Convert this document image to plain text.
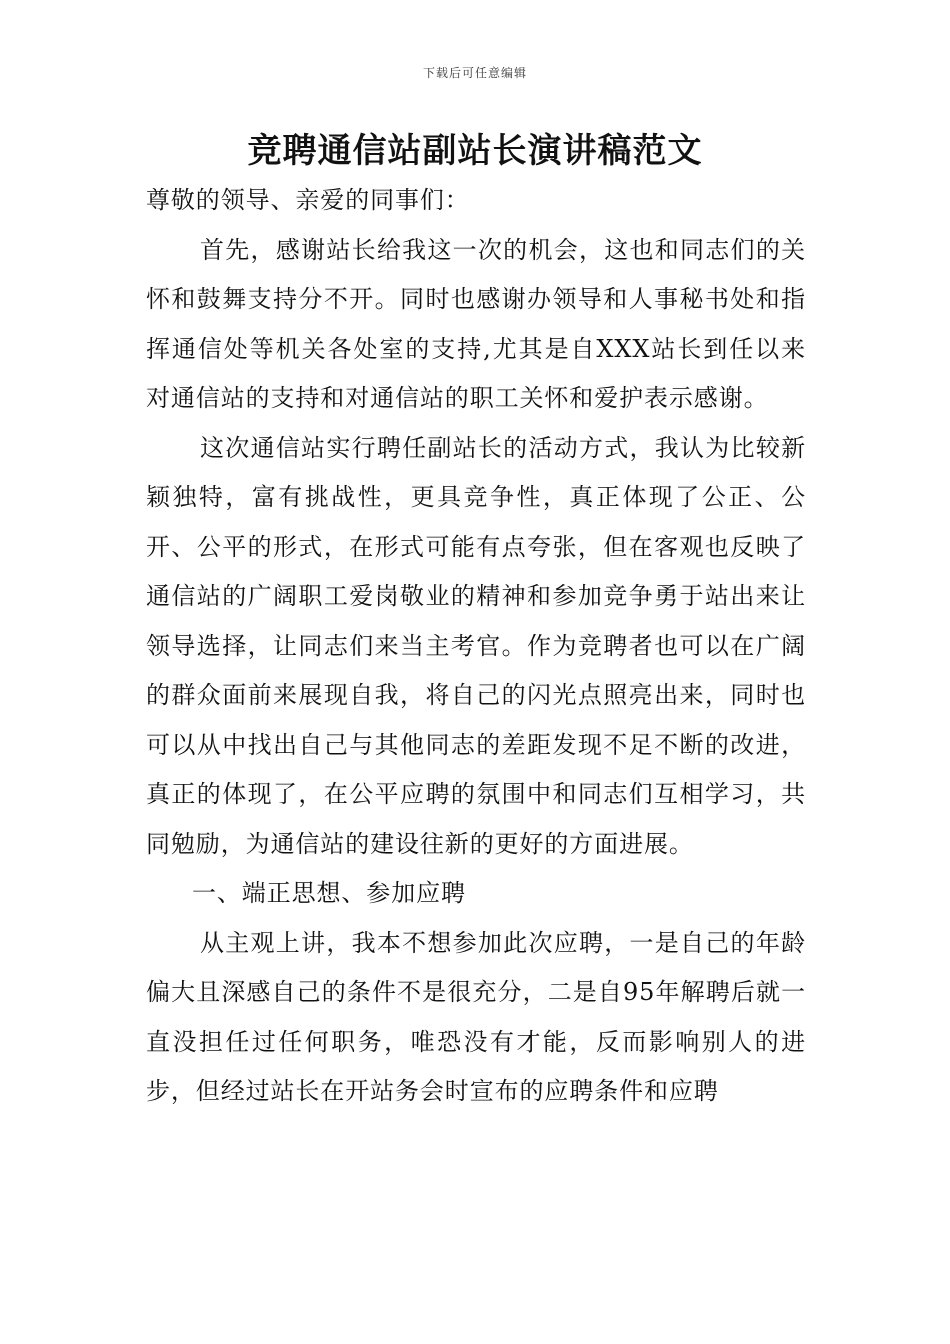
下载后可任意编辑
竞聘通信站副站长演讲稿范文

尊敬的领导、亲爱的同事们：

首先，感谢站长给我这一次的机会，这也和同志们的关怀和鼓舞支持分不开。同时也感谢办领导和人事秘书处和指挥通信处等机关各处室的支持,尤其是自XXX站长到任以来对通信站的支持和对通信站的职工关怀和爱护表示感谢。

这次通信站实行聘任副站长的活动方式，我认为比较新颖独特，富有挑战性，更具竞争性，真正体现了公正、公开、公平的形式，在形式可能有点夸张，但在客观也反映了通信站的广阔职工爱岗敬业的精神和参加竞争勇于站出来让领导选择，让同志们来当主考官。作为竞聘者也可以在广阔的群众面前来展现自我，将自己的闪光点照亮出来，同时也可以从中找出自己与其他同志的差距发现不足不断的改进，真正的体现了，在公平应聘的氛围中和同志们互相学习，共同勉励，为通信站的建设往新的更好的方面进展。

一、端正思想、参加应聘

从主观上讲，我本不想参加此次应聘，一是自己的年龄偏大且深感自己的条件不是很充分，二是自95年解聘后就一直没担任过任何职务，唯恐没有才能，反而影响别人的进步，但经过站长在开站务会时宣布的应聘条件和应聘
